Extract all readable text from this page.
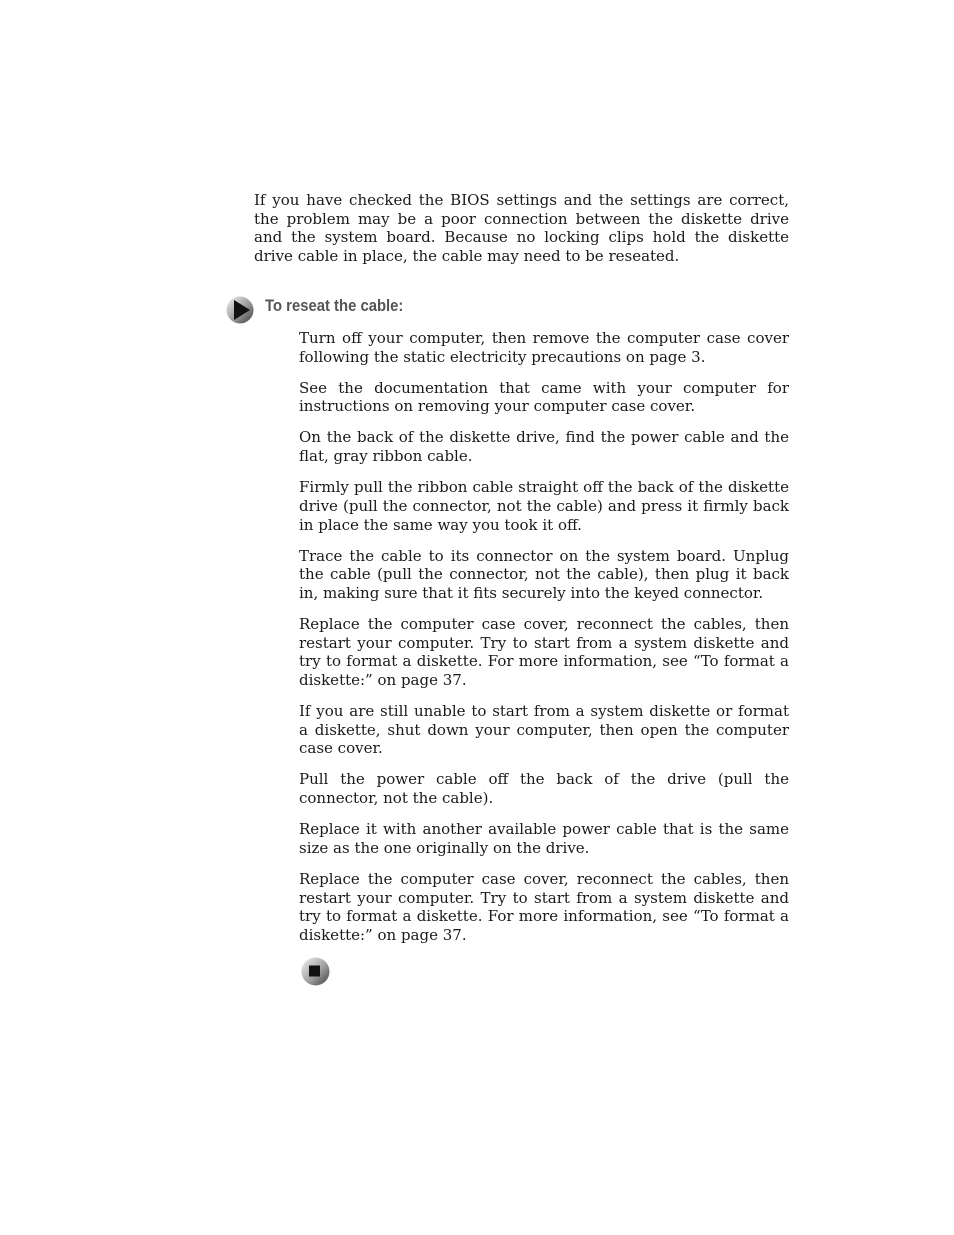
If you have checked the BIOS settings and the settings are correct, the problem may be a poor connection between the diskette drive and the system board. Because no locking clips hold the diskette drive cable in place, the cable may need to be reseated.

To reseat the cable:
Turn off your computer, then remove the computer case cover following the static electricity precautions on page 3.
See the documentation that came with your computer for instructions on removing your computer case cover.
On the back of the diskette drive, find the power cable and the flat, gray ribbon cable.
Firmly pull the ribbon cable straight off the back of the diskette drive (pull the connector, not the cable) and press it firmly back in place the same way you took it off.
Trace the cable to its connector on the system board. Unplug the cable (pull the connector, not the cable), then plug it back in, making sure that it fits securely into the keyed connector.
Replace the computer case cover, reconnect the cables, then restart your computer. Try to start from a system diskette and try to format a diskette. For more information, see “To format a diskette:” on page 37.
If you are still unable to start from a system diskette or format a diskette, shut down your computer, then open the computer case cover.
Pull the power cable off the back of the drive (pull the connector, not the cable).
Replace it with another available power cable that is the same size as the one originally on the drive.
Replace the computer case cover, reconnect the cables, then restart your computer. Try to start from a system diskette and try to format a diskette. For more information, see “To format a diskette:” on page 37.
